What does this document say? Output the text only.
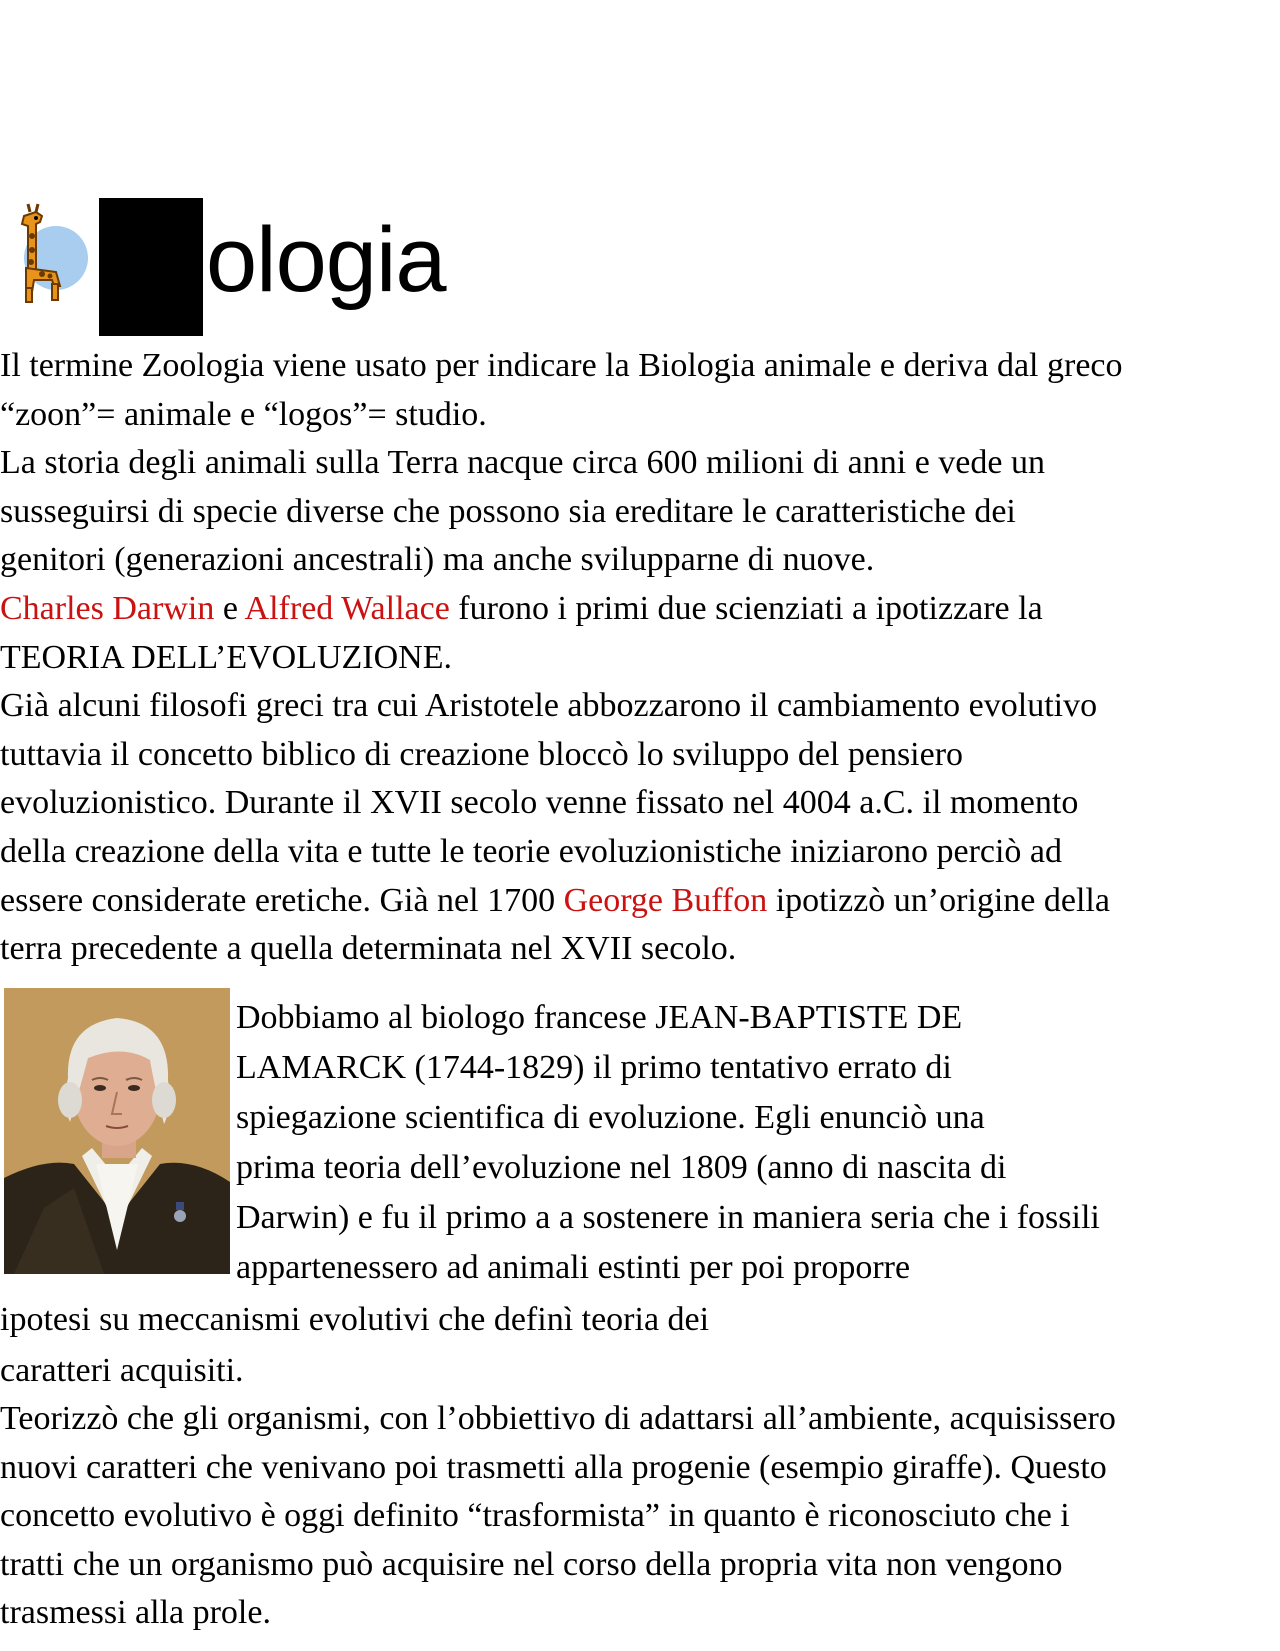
ologia
Il termine Zoologia viene usato per indicare la Biologia animale e deriva dal greco
“zoon”= animale e “logos”= studio.
La storia degli animali sulla Terra nacque circa 600 milioni di anni e vede un
susseguirsi di specie diverse che possono sia ereditare le caratteristiche dei
genitori (generazioni ancestrali) ma anche svilupparne di nuove.
Charles Darwin e Alfred Wallace furono i primi due scienziati a ipotizzare la
TEORIA DELL’EVOLUZIONE.
Già alcuni filosofi greci tra cui Aristotele abbozzarono il cambiamento evolutivo
tuttavia il concetto biblico di creazione bloccò lo sviluppo del pensiero
evoluzionistico. Durante il XVII secolo venne fissato nel 4004 a.C. il momento
della creazione della vita e tutte le teorie evoluzionistiche iniziarono perciò ad
essere considerate eretiche. Già nel 1700 George Buffon ipotizzò un’origine della
terra precedente a quella determinata nel XVII secolo.
Dobbiamo al biologo francese JEAN-BAPTISTE DE
LAMARCK (1744-1829) il primo tentativo errato di
spiegazione scientifica di evoluzione. Egli enunciò una
prima teoria dell’evoluzione nel 1809 (anno di nascita di
Darwin) e fu il primo a a sostenere in maniera seria che i fossili
appartenessero ad animali estinti per poi proporre
ipotesi su meccanismi evolutivi che definì teoria dei
caratteri acquisiti.
Teorizzò che gli organismi, con l’obbiettivo di adattarsi all’ambiente, acquisissero
nuovi caratteri che venivano poi trasmetti alla progenie (esempio giraffe). Questo
concetto evolutivo è oggi definito “trasformista” in quanto è riconosciuto che i
tratti che un organismo può acquisire nel corso della propria vita non vengono
trasmessi alla prole.
